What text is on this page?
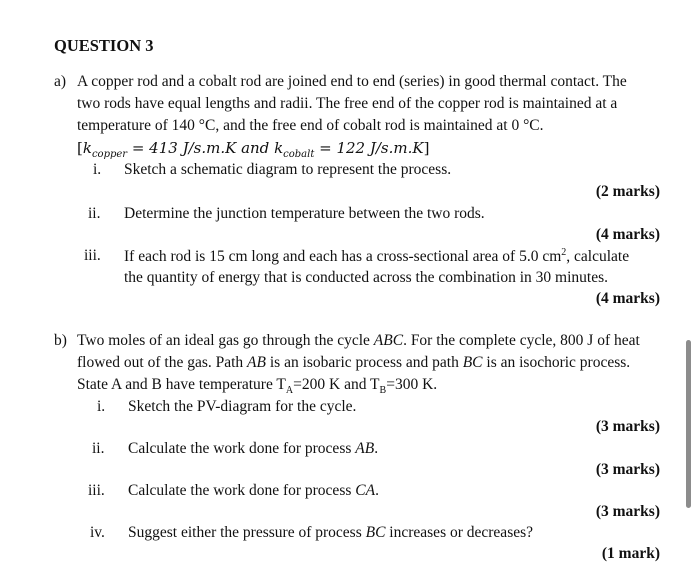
QUESTION 3
a) A copper rod and a cobalt rod are joined end to end (series) in good thermal contact. The
two rods have equal lengths and radii. The free end of the copper rod is maintained at a
temperature of 140 °C, and the free end of cobalt rod is maintained at 0 °C.
[$k_{copper} = 413$ J/s.m.K and $k_{cobalt} = 122$ J/s.m.K]
i. Sketch a schematic diagram to represent the process.
(2 marks)
ii. Determine the junction temperature between the two rods.
(4 marks)
iii. If each rod is 15 cm long and each has a cross-sectional area of 5.0 $cm^2$, calculate
the quantity of energy that is conducted across the combination in 30 minutes.
(4 marks)
b) Two moles of an ideal gas go through the cycle ABC. For the complete cycle, 800 J of heat
flowed out of the gas. Path AB is an isobaric process and path BC is an isochoric process.
State A and B have temperature $T_A=200$ K and $T_B=300$ K.
i. Sketch the PV-diagram for the cycle.
(3 marks)
ii. Calculate the work done for process AB.
(3 marks)
iii. Calculate the work done for process CA.
(3 marks)
iv. Suggest either the pressure of process BC increases or decreases?
(1 mark)
